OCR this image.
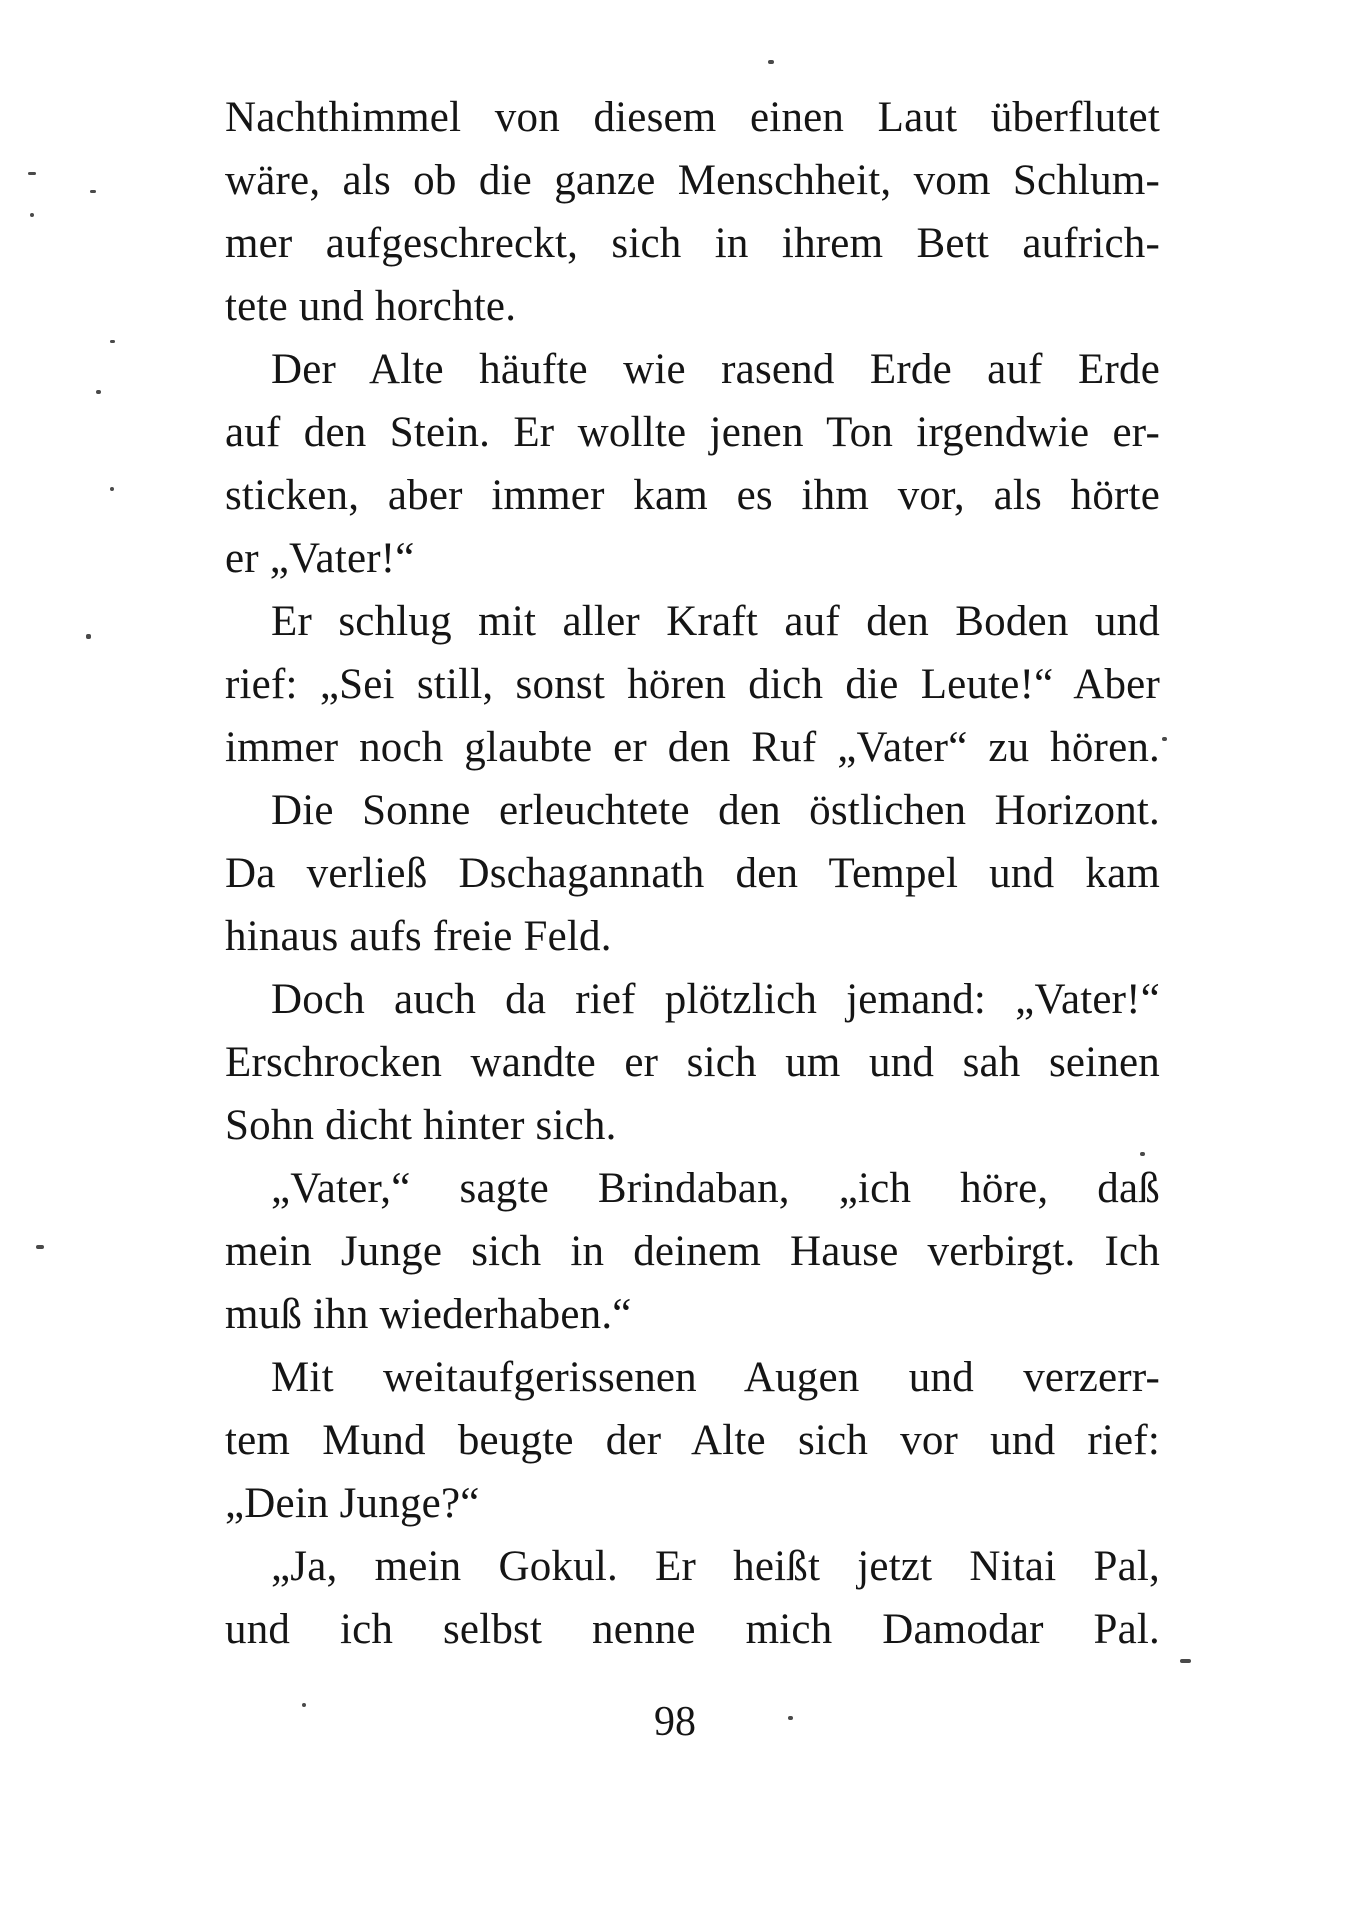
Nachthimmel von diesem einen Laut überflutet
wäre, als ob die ganze Menschheit, vom Schlum-
mer aufgeschreckt, sich in ihrem Bett aufrich-
tete und horchte.
Der Alte häufte wie rasend Erde auf Erde
auf den Stein. Er wollte jenen Ton irgendwie er-
sticken, aber immer kam es ihm vor, als hörte
er „Vater!“
Er schlug mit aller Kraft auf den Boden und
rief: „Sei still, sonst hören dich die Leute!“ Aber
immer noch glaubte er den Ruf „Vater“ zu hören.
Die Sonne erleuchtete den östlichen Horizont.
Da verließ Dschagannath den Tempel und kam
hinaus aufs freie Feld.
Doch auch da rief plötzlich jemand: „Vater!“
Erschrocken wandte er sich um und sah seinen
Sohn dicht hinter sich.
„Vater,“ sagte Brindaban, „ich höre, daß
mein Junge sich in deinem Hause verbirgt. Ich
muß ihn wiederhaben.“
Mit weitaufgerissenen Augen und verzerr-
tem Mund beugte der Alte sich vor und rief:
„Dein Junge?“
„Ja, mein Gokul. Er heißt jetzt Nitai Pal,
und ich selbst nenne mich Damodar Pal.
98
